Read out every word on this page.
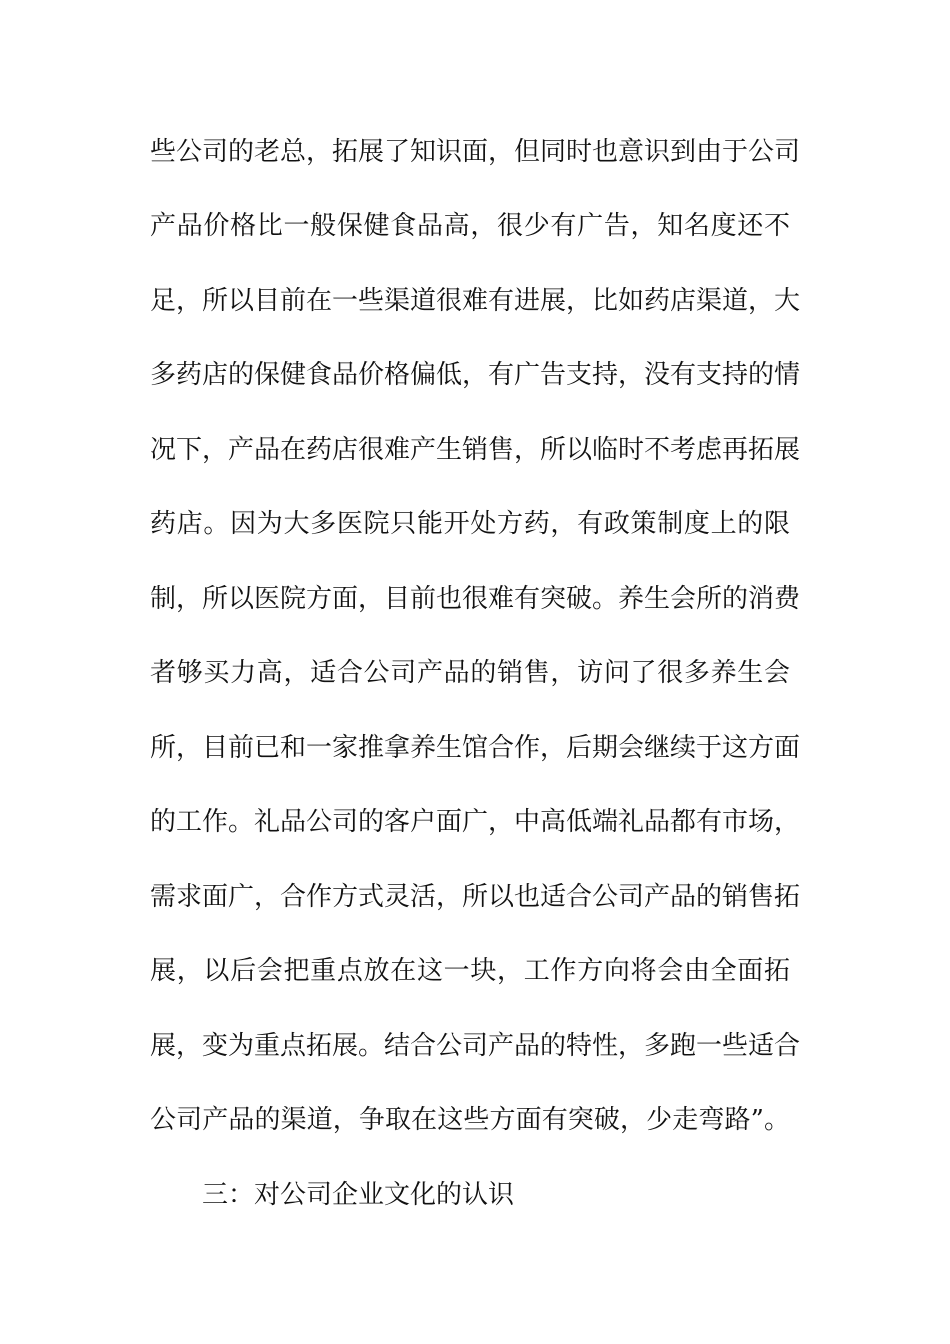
些公司的老总，拓展了知识面，但同时也意识到由于公司
产品价格比一般保健食品高，很少有广告，知名度还不
足，所以目前在一些渠道很难有进展，比如药店渠道，大
多药店的保健食品价格偏低，有广告支持，没有支持的情
况下，产品在药店很难产生销售，所以临时不考虑再拓展
药店。因为大多医院只能开处方药，有政策制度上的限
制，所以医院方面，目前也很难有突破。养生会所的消费
者够买力高，适合公司产品的销售，访问了很多养生会
所，目前已和一家推拿养生馆合作，后期会继续于这方面
的工作。礼品公司的客户面广，中高低端礼品都有市场，
需求面广，合作方式灵活，所以也适合公司产品的销售拓
展，以后会把重点放在这一块，工作方向将会由全面拓
展，变为重点拓展。结合公司产品的特性，多跑一些适合
公司产品的渠道，争取在这些方面有突破，少走弯路”。
三：对公司企业文化的认识
